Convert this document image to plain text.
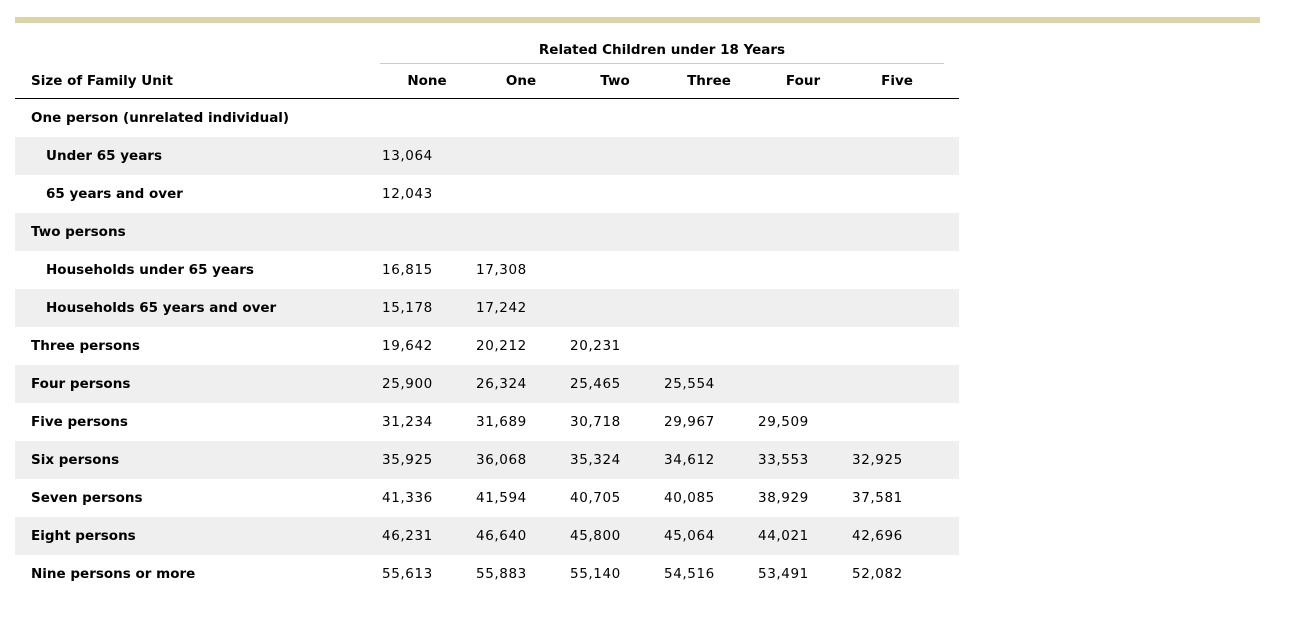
	Related Children under 18 Years						
Size of Family Unit	None	One	Two	Three	Four	Five	
One person (unrelated individual)							
Under 65 years	13,064						
65 years and over	12,043						
Two persons							
Households under 65 years	16,815	17,308					
Households 65 years and over	15,178	17,242					
Three persons	19,642	20,212	20,231				
Four persons	25,900	26,324	25,465	25,554			
Five persons	31,234	31,689	30,718	29,967	29,509		
Six persons	35,925	36,068	35,324	34,612	33,553	32,925	
Seven persons	41,336	41,594	40,705	40,085	38,929	37,581	
Eight persons	46,231	46,640	45,800	45,064	44,021	42,696	
Nine persons or more	55,613	55,883	55,140	54,516	53,491	52,082	
